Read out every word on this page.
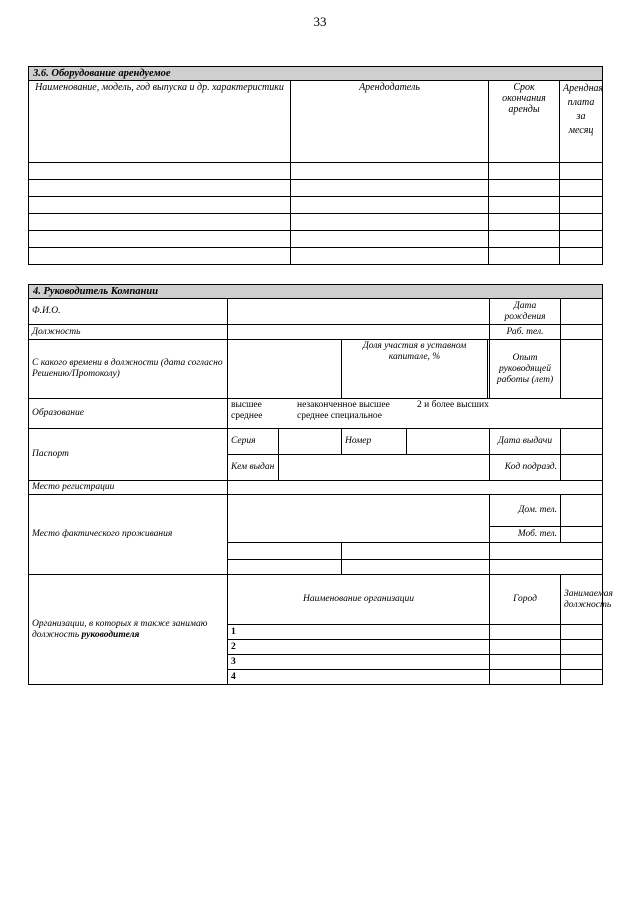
33
3.6. Оборудование арендуемое			
Наименование, модель, год выпуска и др. характеристики	Арендодатель	Срок окончания аренды	Арендная плата за месяц

4. Руководитель Компании							
Ф.И.О.						Дата рождения	
Должность						Раб. тел.	
С какого времени в должности (дата согласно Решению/Протоколу)			Доля участия в уставном капитале, %			Опыт руководящей работы (лет)	
Образование	высшее незаконченное высшее 2 и более высших
среднее среднее специальное						
Паспорт	Серия		Номер			Дата выдачи	
	Кем выдан					Код подразд.	
Место регистрации							
Место фактического проживания						Дом. тел.	
						Моб. тел.	

Организации, в которых я также занимаю должность руководителя	Наименование организации					Город	Занимаемая должность
	1						
	2						
	3						
	4						
